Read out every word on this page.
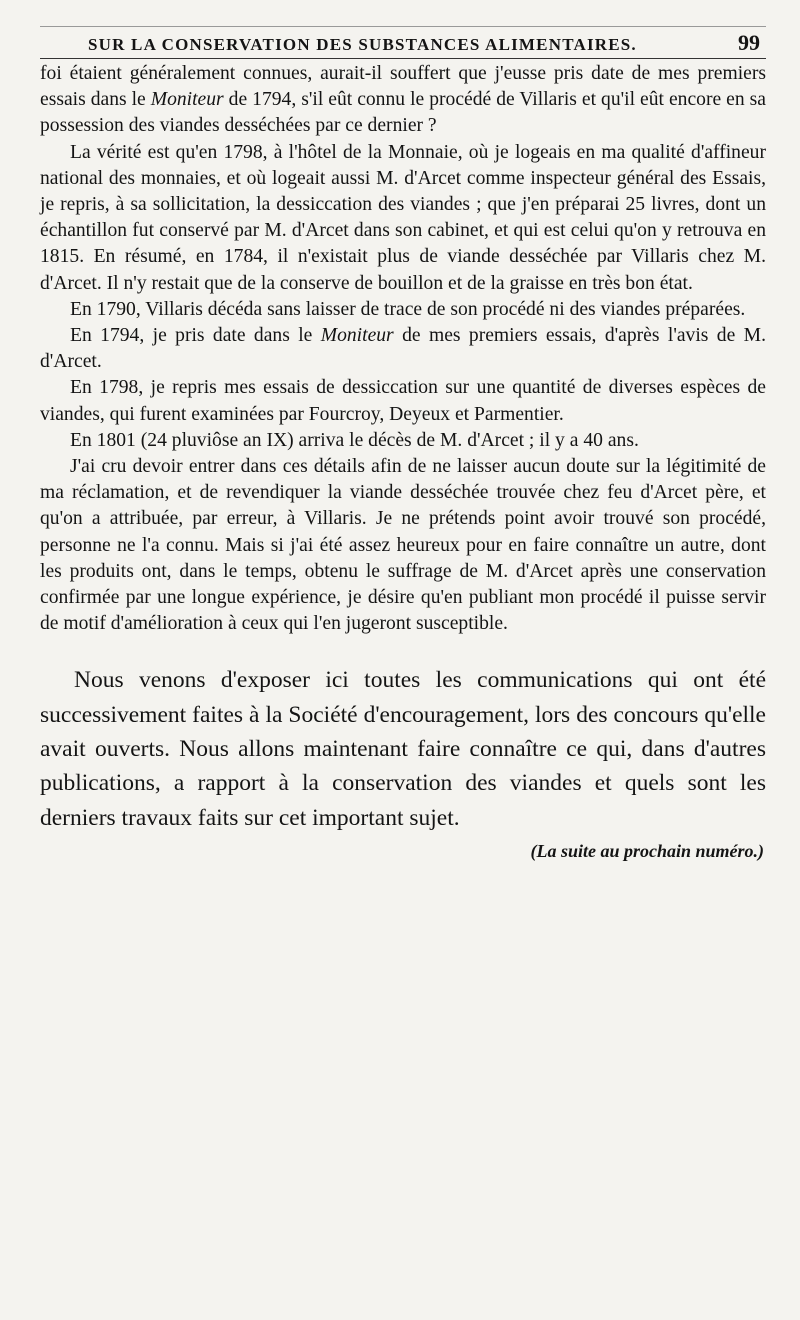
SUR LA CONSERVATION DES SUBSTANCES ALIMENTAIRES.	99

foi étaient généralement connues, aurait-il souffert que j'eusse pris date de mes premiers essais dans le Moniteur de 1794, s'il eût connu le procédé de Villaris et qu'il eût encore en sa possession des viandes desséchées par ce dernier ?

La vérité est qu'en 1798, à l'hôtel de la Monnaie, où je logeais en ma qualité d'affineur national des monnaies, et où logeait aussi M. d'Arcet comme inspecteur général des Essais, je repris, à sa sollicitation, la dessiccation des viandes ; que j'en préparai 25 livres, dont un échantillon fut conservé par M. d'Arcet dans son cabinet, et qui est celui qu'on y retrouva en 1815. En résumé, en 1784, il n'existait plus de viande desséchée par Villaris chez M. d'Arcet. Il n'y restait que de la conserve de bouillon et de la graisse en très bon état.

En 1790, Villaris décéda sans laisser de trace de son procédé ni des viandes préparées.

En 1794, je pris date dans le Moniteur de mes premiers essais, d'après l'avis de M. d'Arcet.

En 1798, je repris mes essais de dessiccation sur une quantité de diverses espèces de viandes, qui furent examinées par Fourcroy, Deyeux et Parmentier.

En 1801 (24 pluviôse an IX) arriva le décès de M. d'Arcet ; il y a 40 ans.

J'ai cru devoir entrer dans ces détails afin de ne laisser aucun doute sur la légitimité de ma réclamation, et de revendiquer la viande desséchée trouvée chez feu d'Arcet père, et qu'on a attribuée, par erreur, à Villaris. Je ne prétends point avoir trouvé son procédé, personne ne l'a connu. Mais si j'ai été assez heureux pour en faire connaître un autre, dont les produits ont, dans le temps, obtenu le suffrage de M. d'Arcet après une conservation confirmée par une longue expérience, je désire qu'en publiant mon procédé il puisse servir de motif d'amélioration à ceux qui l'en jugeront susceptible.

Nous venons d'exposer ici toutes les communications qui ont été successivement faites à la Société d'encouragement, lors des concours qu'elle avait ouverts. Nous allons maintenant faire connaître ce qui, dans d'autres publications, a rapport à la conservation des viandes et quels sont les derniers travaux faits sur cet important sujet.

(La suite au prochain numéro.)
